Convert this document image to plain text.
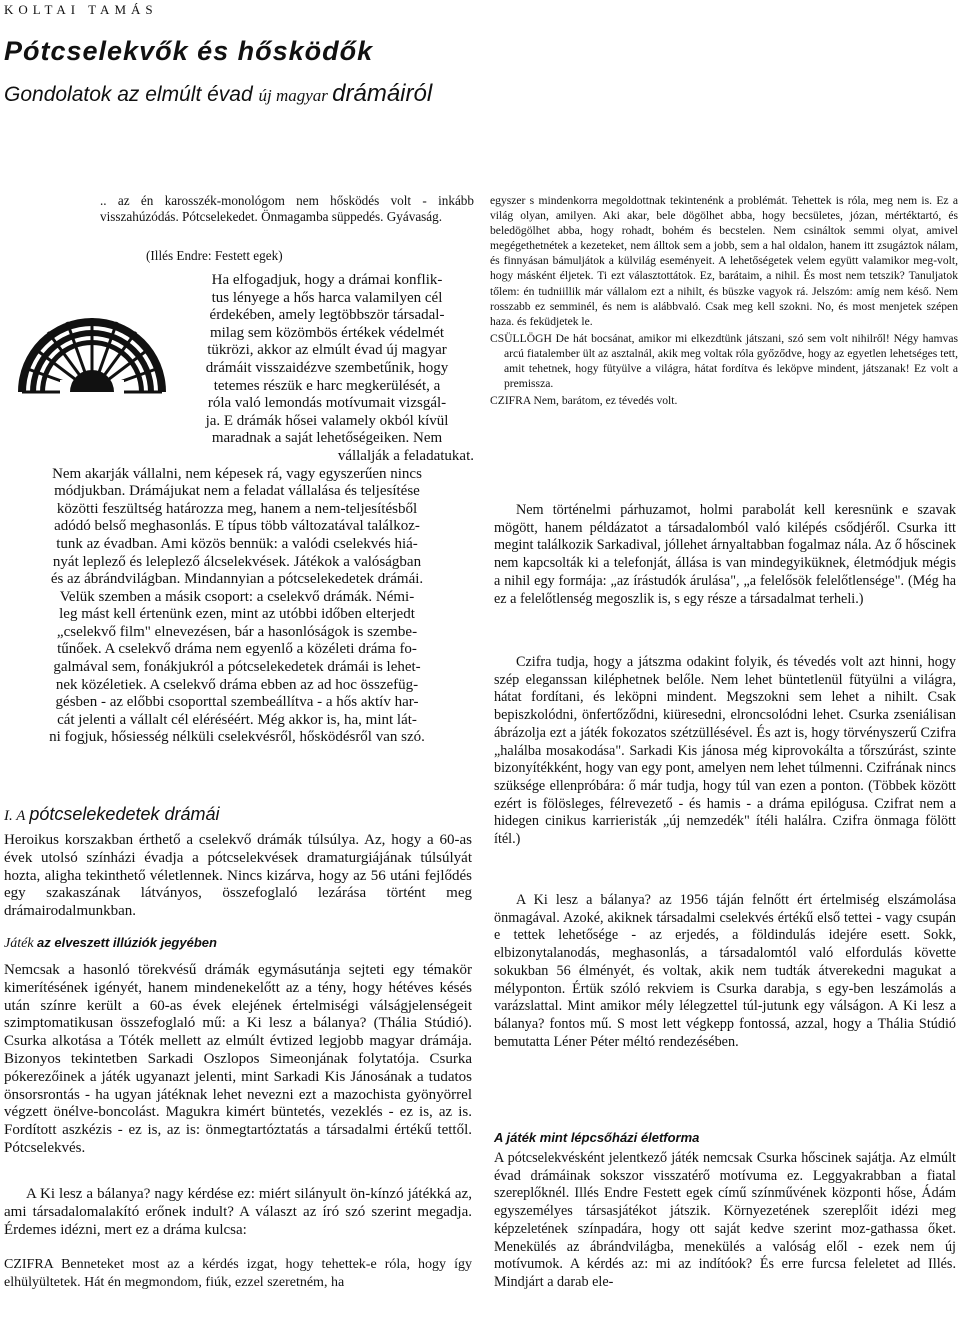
KOLTAI TAMÁS
Pótcselekvők és hősködők
Gondolatok az elmúlt évad új magyar drámáiról
.. az én karosszék-monológom nem hősködés volt - inkább visszahúzódás. Pótcselekedet. Önmagamba süppedés. Gyávaság.
(Illés Endre: Festett egek)
Ha elfogadjuk, hogy a drámai konflik-
tus lényege a hős harca valamilyen cél
érdekében, amely legtöbbször társadal-
milag sem közömbös értékek védelmét
tükrözi, akkor az elmúlt évad új magyar
drámáit visszaidézve szembetűnik, hogy
tetemes részük e harc megkerülését, a
róla való lemondás motívumait vizsgál-
ja. E drámák hősei valamely okból kívül
maradnak a saját lehetőségeiken. Nem
vállalják a feladatukat.
Nem akarják vállalni, nem képesek rá, vagy egyszerűen nincs
módjukban. Drámájukat nem a feladat vállalása és teljesítése
közötti feszültség határozza meg, hanem a nem-teljesítésből
adódó belső meghasonlás. E típus több változatával találkoz-
tunk az évadban. Ami közös bennük: a valódi cselekvés hiá-
nyát leplező és leleplező álcselekvések. Játékok a valóságban
és az ábrándvilágban. Mindannyian a pótcselekedetek drámái.
Velük szemben a másik csoport: a cselekvő drámák. Némi-
leg mást kell értenünk ezen, mint az utóbbi időben elterjedt
„cselekvő film" elnevezésen, bár a hasonlóságok is szembe-
tűnőek. A cselekvő dráma nem egyenlő a közéleti dráma fo-
galmával sem, fonákjukról a pótcselekedetek drámái is lehet-
nek közéletiek. A cselekvő dráma ebben az ad hoc összefüg-
gésben - az előbbi csoporttal szembeállítva - a hős aktív har-
cát jelenti a vállalt cél eléréséért. Még akkor is, ha, mint lát-
ni fogjuk, hősiesség nélküli cselekvésről, hősködésről van szó.
I. A pótcselekedetek drámái
Heroikus korszakban érthető a cselekvő drámák túlsúlya. Az, hogy a 60-as évek utolsó színházi évadja a pótcselekvések dramaturgiájának túlsúlyát hozta, aligha tekinthető véletlennek. Nincs kizárva, hogy az 56 utáni fejlődés egy szakaszának látványos, összefoglaló lezárása történt meg drámairodalmunkban.
Játék az elveszett illúziók jegyében
Nemcsak a hasonló törekvésű drámák egymásutánja sejteti egy témakör kimerítésének igényét, hanem mindenekelőtt az a tény, hogy hétéves késés után színre került a 60-as évek elejének értelmiségi válságjelenségeit szimptomatikusan összefoglaló mű: a Ki lesz a bálanya? (Thália Stúdió). Csurka alkotása a Tóték mellett az elmúlt évtized legjobb magyar drámája. Bizonyos tekintetben Sarkadi Oszlopos Simeonjának folytatója. Csurka pókerezőinek a játék ugyanazt jelenti, mint Sarkadi Kis Jánosának a tudatos önsorsrontás - ha ugyan játéknak lehet nevezni ezt a mazochista gyönyörrel végzett önélve-boncolást. Magukra kimért büntetés, vezeklés - ez is, az is. Fordított aszkézis - ez is, az is: önmegtartóztatás a társadalmi értékű tettől. Pótcselekvés.
A Ki lesz a bálanya? nagy kérdése ez: miért silányult ön-kínzó játékká az, ami társadalomalakító erőnek indult? A választ az író szó szerint megadja. Érdemes idézni, mert ez a dráma kulcsa:
CZIFRA Benneteket most az a kérdés izgat, hogy tehettek-e róla, hogy így elhülyültetek. Hát én megmondom, fiúk, ezzel szeretném, ha

egyszer s mindenkorra megoldottnak tekintenénk a problémát. Tehettek is róla, meg nem is. Ez a világ olyan, amilyen. Aki akar, bele dögölhet abba, hogy becsületes, józan, mértéktartó, és beledögölhet abba, hogy rohadt, bohém és becstelen. Nem csináltok semmi olyat, amivel megégethetnétek a kezeteket, nem álltok sem a jobb, sem a hal oldalon, hanem itt zsugáztok nálam, és finnyásan bámuljátok a külvilág eseményeit. A lehetőségetek velem együtt valamikor meg-volt, hogy másként éljetek. Ti ezt választottátok. Ez, barátaim, a nihil. És most nem tetszik? Tanuljatok tőlem: én tudniillik már vállalom ezt a nihilt, és büszke vagyok rá. Jelszóm: amíg nem késő. Nem rosszabb ez semminél, és nem is alábbvaló. Csak meg kell szokni. No, és most menjetek szépen haza. és feküdjetek le.

CSÜLLÖGH De hát bocsánat, amikor mi elkezdtünk játszani, szó sem volt nihilről! Négy hamvas arcú fiatalember ült az asztalnál, akik meg voltak róla győződve, hogy az egyetlen lehetséges tett, amit tehetnek, hogy fütyülve a világra, hátat fordítva és leköpve mindent, játszanak! Ez volt a premissza.

CZIFRA Nem, barátom, ez tévedés volt.

Nem történelmi párhuzamot, holmi parabolát kell keresnünk e szavak mögött, hanem példázatot a társadalomból való kilépés csődjéről. Csurka itt megint találkozik Sarkadival, jóllehet árnyaltabban fogalmaz nála. Az ő hőscinek nem kapcsolták ki a telefonját, állása is van mindegyiküknek, életmódjuk mégis a nihil egy formája: „az írástudók árulása", „a felelősök felelőtlensége". (Még ha ez a felelőtlenség megoszlik is, s egy része a társadalmat terheli.)
Czifra tudja, hogy a játszma odakint folyik, és tévedés volt azt hinni, hogy szép eleganssan kiléphetnek belőle. Nem lehet büntetlenül fütyülni a világra, hátat fordítani, és leköpni mindent. Megszokni sem lehet a nihilt. Csak bepiszkolódni, önfertőződni, kiüresedni, elroncsolódni lehet. Csurka zseniálisan ábrázolja ezt a játék fokozatos szétzüllésével. És azt is, hogy törvényszerű Czifra „halálba mosakodása". Sarkadi Kis jánosa még kiprovokálta a tőrszúrást, szinte bizonyítékként, hogy van egy pont, amelyen nem lehet túlmenni. Czifrának nincs szüksége ellenpróbára: ő már tudja, hogy túl van ezen a ponton. (Többek között ezért is fölösleges, félrevezető - és hamis - a dráma epilógusa. Czifrat nem a hidegen cinikus karrieristák „új nemzedék" ítéli halálra. Czifra önmaga fölött ítél.)
A Ki lesz a bálanya? az 1956 táján felnőtt ért értelmiség elszámolása önmagával. Azoké, akiknek társadalmi cselekvés értékű első tettei - vagy csupán e tettek lehetősége - az erjedés, a földindulás idejére esett. Sokk, elbizonytalanodás, meghasonlás, a társadalomtól való elfordulás követte sokukban 56 élményét, és voltak, akik nem tudták átverekedni magukat a mélyponton. Értük szóló rekviem is Csurka darabja, s egy-ben leszámolás a varázslattal. Mint amikor mély lélegzettel túl-jutunk egy válságon. A Ki lesz a bálanya? fontos mű. S most lett végkepp fontossá, azzal, hogy a Thália Stúdió bemutatta Léner Péter méltó rendezésében.
A játék mint lépcsőházi életforma
A pótcselekvésként jelentkező játék nemcsak Csurka hőscinek sajátja. Az elmúlt évad drámáinak sokszor visszatérő motívuma ez. Leggyakrabban a fiatal szereplőknél. Illés Endre Festett egek című színművének központi hőse, Ádám egyszemélyes társasjátékot játszik. Környezetének szereplőit idézi meg képzeletének színpadára, hogy ott saját kedve szerint moz-gathassa őket. Menekülés az ábrándvilágba, menekülés a valóság elől - ezek nem új motívumok. A kérdés az: mi az indítóok? És erre furcsa feleletet ad Illés. Mindjárt a darab ele-
